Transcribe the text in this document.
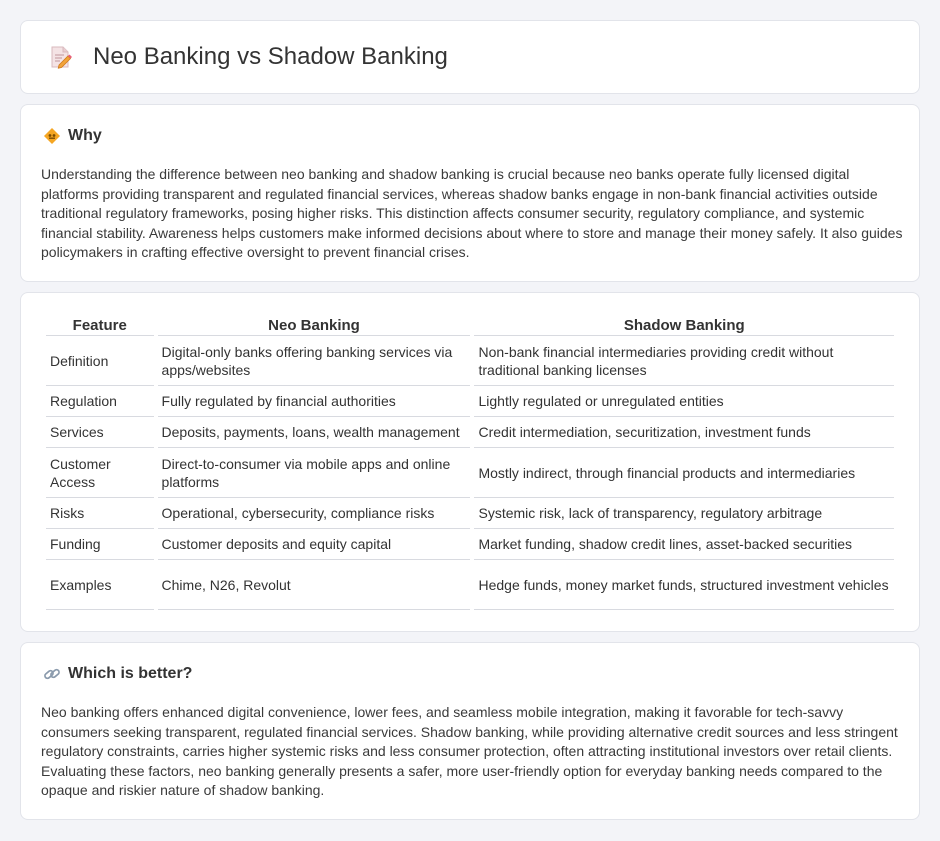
Neo Banking vs Shadow Banking
Why

Understanding the difference between neo banking and shadow banking is crucial because neo banks operate fully licensed digital platforms providing transparent and regulated financial services, whereas shadow banks engage in non-bank financial activities outside traditional regulatory frameworks, posing higher risks. This distinction affects consumer security, regulatory compliance, and systemic financial stability. Awareness helps customers make informed decisions about where to store and manage their money safely. It also guides policymakers in crafting effective oversight to prevent financial crises.

Feature	Neo Banking	Shadow Banking
Definition	Digital-only banks offering banking services via apps/websites	Non-bank financial intermediaries providing credit without traditional banking licenses
Regulation	Fully regulated by financial authorities	Lightly regulated or unregulated entities
Services	Deposits, payments, loans, wealth management	Credit intermediation, securitization, investment funds
Customer Access	Direct-to-consumer via mobile apps and online platforms	Mostly indirect, through financial products and intermediaries
Risks	Operational, cybersecurity, compliance risks	Systemic risk, lack of transparency, regulatory arbitrage
Funding	Customer deposits and equity capital	Market funding, shadow credit lines, asset-backed securities
Examples	Chime, N26, Revolut	Hedge funds, money market funds, structured investment vehicles
Which is better?

Neo banking offers enhanced digital convenience, lower fees, and seamless mobile integration, making it favorable for tech-savvy consumers seeking transparent, regulated financial services. Shadow banking, while providing alternative credit sources and less stringent regulatory constraints, carries higher systemic risks and less consumer protection, often attracting institutional investors over retail clients. Evaluating these factors, neo banking generally presents a safer, more user-friendly option for everyday banking needs compared to the opaque and riskier nature of shadow banking.
